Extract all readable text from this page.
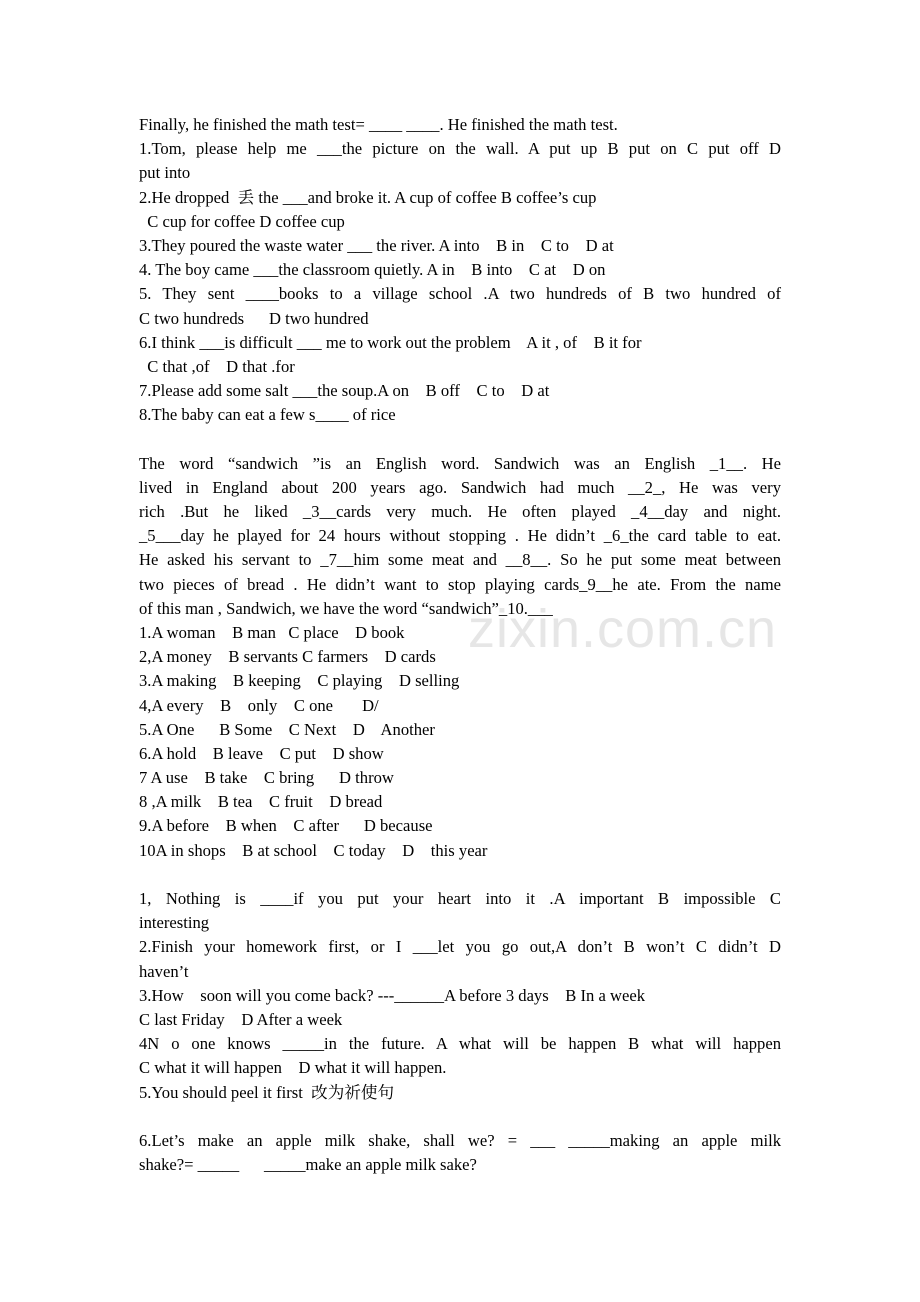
zixin.com.cn
Finally, he finished the math test= ____ ____. He finished the math test.
1.Tom, please help me ___the picture on the wall. A put up B put on C put off D
put into
2.He dropped  丢 the ___and broke it. A cup of coffee B coffee’s cup
C cup for coffee D coffee cup
3.They poured the waste water ___ the river. A into    B in    C to    D at
4. The boy came ___the classroom quietly. A in    B into    C at    D on
5. They sent ____books to a village school .A two hundreds of B two hundred of
C two hundreds      D two hundred
6.I think ___is difficult ___ me to work out the problem    A it , of    B it for
C that ,of    D that .for
7.Please add some salt ___the soup.A on    B off    C to    D at
8.The baby can eat a few s____ of rice
The word “sandwich ”is an English word. Sandwich was an English _1__. He
lived in England about 200 years ago. Sandwich had much __2_, He was very
rich .But he liked _3__cards very much. He often played _4__day and night.
_5___day he played for 24 hours without stopping . He didn’t _6_the card table to eat.
He asked his servant to _7__him some meat and __8__. So he put some meat between
two pieces of bread . He didn’t want to stop playing cards_9__he ate. From the name
of this man , Sandwich, we have the word “sandwich”_10.___
1.A woman    B man   C place    D book
2,A money    B servants C farmers    D cards
3.A making    B keeping    C playing    D selling
4,A every    B    only    C one       D/
5.A One      B Some    C Next    D    Another
6.A hold    B leave    C put    D show
7 A use    B take    C bring      D throw
8 ,A milk    B tea    C fruit    D bread
9.A before    B when    C after      D because
10A in shops    B at school    C today    D    this year
1, Nothing is ____if you put your heart into it .A important B impossible C
interesting
2.Finish your homework first, or I ___let you go out,A don’t B won’t C didn’t D
haven’t
3.How    soon will you come back? ---______A before 3 days    B In a week
C last Friday    D After a week
4N o one knows _____in the future. A what will be happen B what will happen
C what it will happen    D what it will happen.
5.You should peel it first  改为祈使句
6.Let’s make an apple milk shake, shall we? = ___ _____making an apple milk
shake?= _____      _____make an apple milk sake?
